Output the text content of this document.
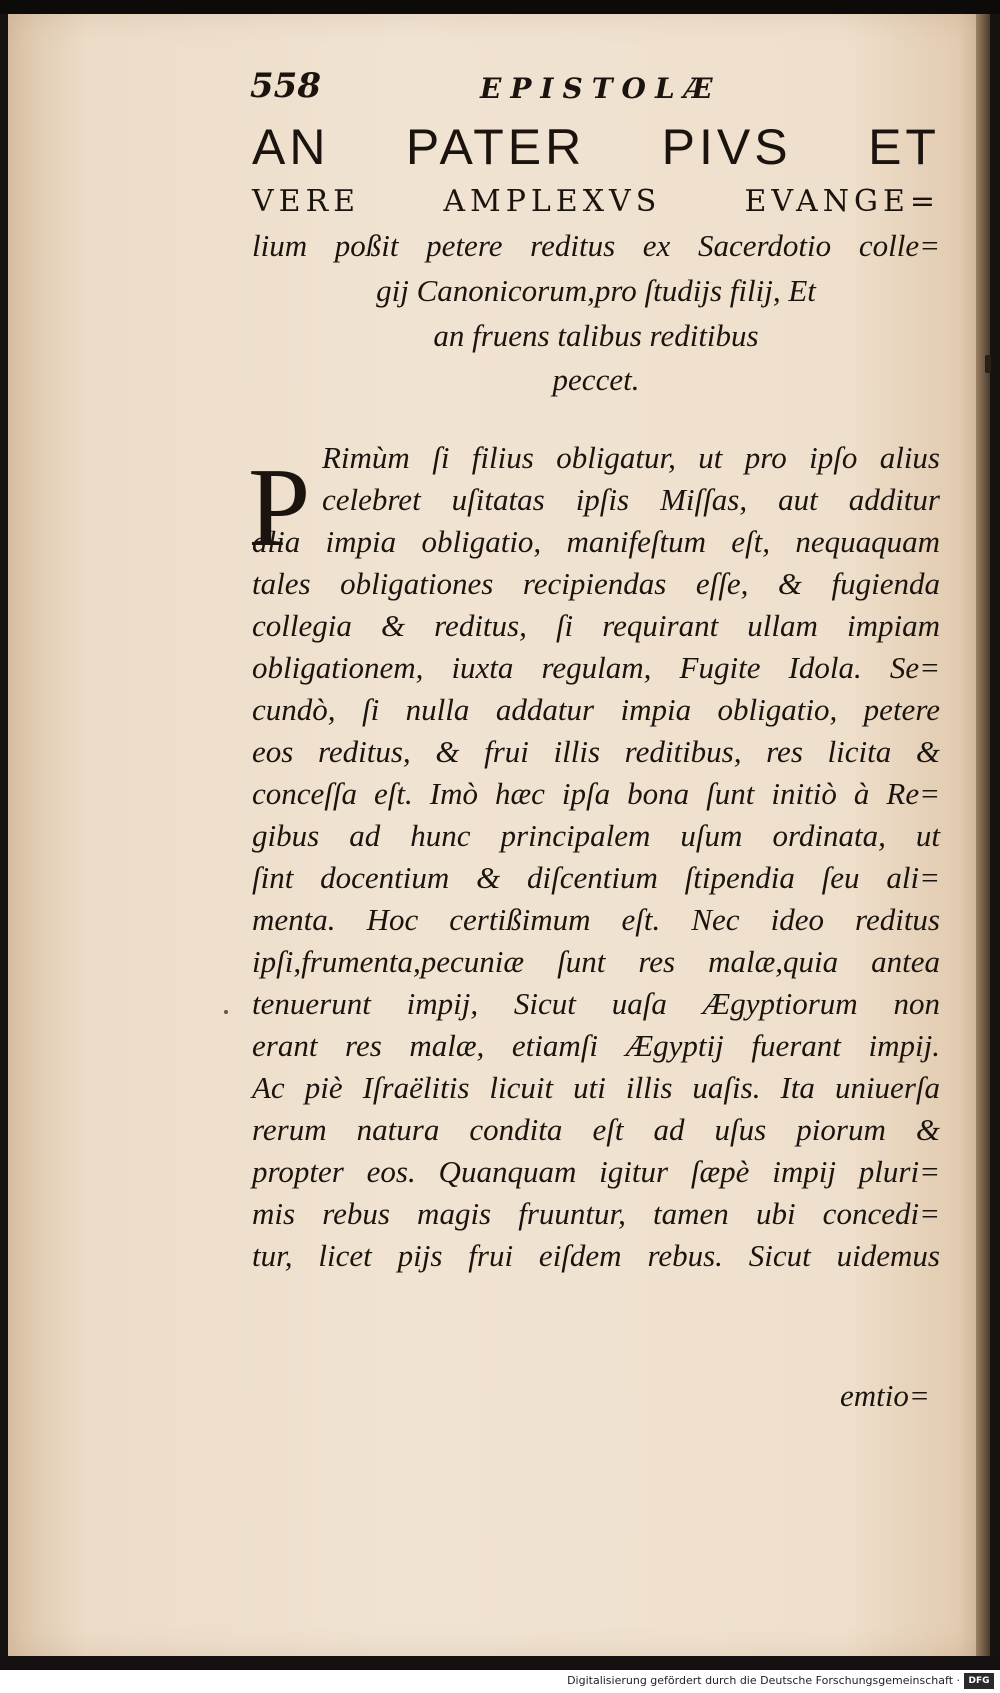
558	EPISTOLÆ
AN PATER PIVS ET
VERE	AMPLEXVS	EVANGE=
lium poßit petere reditus ex Sacerdotio colle=
gij Canonicorum,pro ſtudijs filij, Et
an fruens talibus reditibus
peccet.
P Rimùm ſi filius obligatur, ut pro ipſo alius
celebret uſitatas ipſis Miſſas, aut additur
alia impia obligatio, manifeſtum eſt, nequaquam
tales obligationes recipiendas eſſe, & fugienda
collegia & reditus, ſi requirant ullam impiam
obligationem, iuxta regulam, Fugite Idola. Se=
cundò, ſi nulla addatur impia obligatio, petere
eos reditus, & frui illis reditibus, res licita &
conceſſa eſt. Imò hæc ipſa bona ſunt initiò à Re=
gibus ad hunc principalem uſum ordinata, ut
ſint docentium & diſcentium ſtipendia ſeu ali=
menta. Hoc certißimum eſt. Nec ideo reditus
ipſi,frumenta,pecuniæ ſunt res malæ,quia antea
tenuerunt impij, Sicut uaſa Ægyptiorum non
erant res malæ, etiamſi Ægyptij fuerant impij.
Ac piè Iſraëlitis licuit uti illis uaſis. Ita uniuerſa
rerum natura condita eſt ad uſus piorum &
propter eos. Quanquam igitur ſæpè impij pluri=
mis rebus magis fruuntur, tamen ubi concedi=
tur, licet pijs frui eiſdem rebus. Sicut uidemus
emtio=
Digitalisierung gefördert durch die Deutsche Forschungsgemeinschaft · DFG
